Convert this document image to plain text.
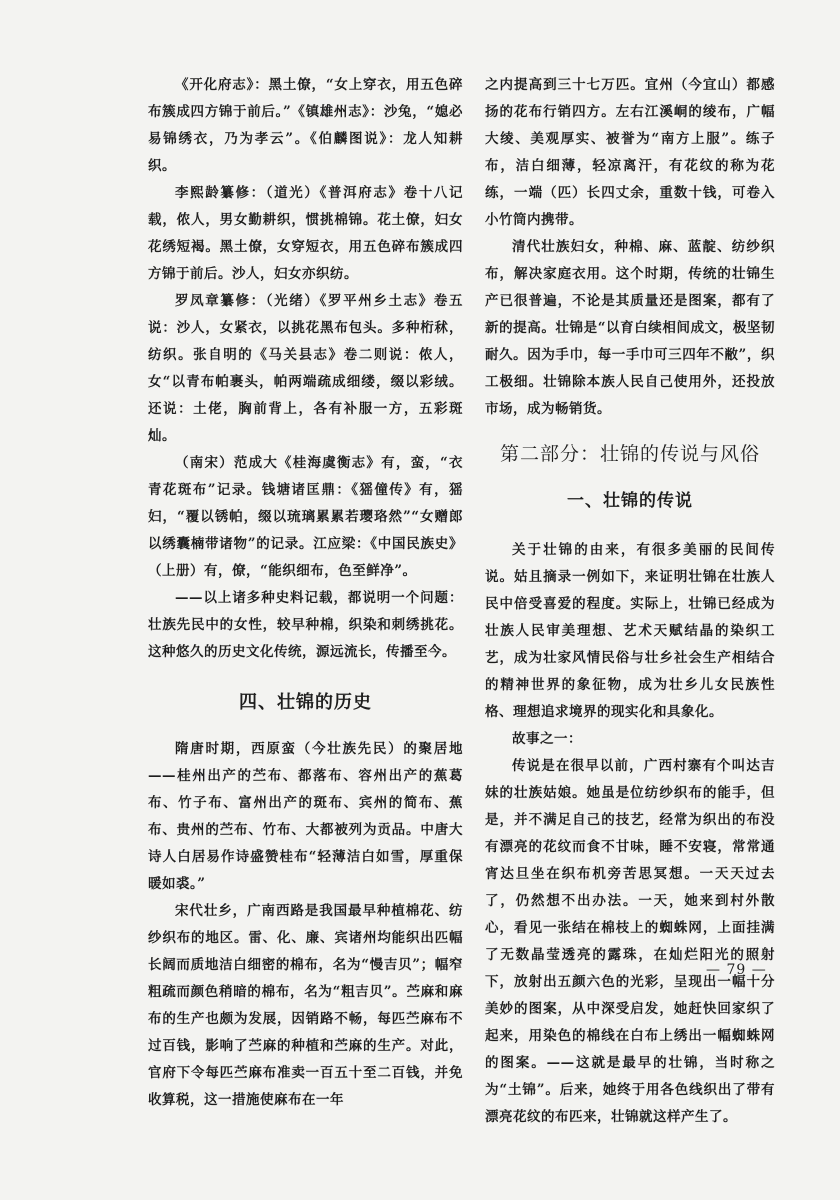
《开化府志》：黑土僚，“女上穿衣，用五色碎布簇成四方锦于前后。”《镇雄州志》：沙兔，“媳必易锦绣衣，乃为孝云”。《伯麟图说》：龙人知耕织。

李熙龄纂修：（道光）《普洱府志》卷十八记载，侬人，男女勤耕织，惯挑棉锦。花土僚，妇女花绣短褐。黑土僚，女穿短衣，用五色碎布簇成四方锦于前后。沙人，妇女亦织纺。

罗凤章纂修：（光绪）《罗平州乡土志》卷五说：沙人，女紧衣，以挑花黑布包头。多种桁秫，纺织。张自明的《马关县志》卷二则说：侬人，女“以青布帕裹头，帕两端疏成细缕，缀以彩绒。还说：土佬，胸前背上，各有补服一方，五彩斑灿。

（南宋）范成大《桂海虞衡志》有，蛮，“衣青花斑布”记录。钱塘诸匡鼎：《猺僮传》有，猺妇，“覆以锈帕，缀以琉璃累累若璎珞然”“女赠郎以绣囊楠带诸物”的记录。江应梁：《中国民族史》（上册）有，僚，“能织细布，色至鲜净”。

——以上诸多种史料记载，都说明一个问题：壮族先民中的女性，较早种棉，织染和刺绣挑花。这种悠久的历史文化传统，源远流长，传播至今。

四、壮锦的历史

隋唐时期，西原蛮（今壮族先民）的聚居地——桂州出产的苎布、都落布、容州出产的蕉葛布、竹子布、富州出产的斑布、宾州的简布、蕉布、贵州的苎布、竹布、大都被列为贡品。中唐大诗人白居易作诗盛赞桂布“轻薄洁白如雪，厚重保暖如裘。”

宋代壮乡，广南西路是我国最早种植棉花、纺纱织布的地区。雷、化、廉、宾诸州均能织出匹幅长阔而质地洁白细密的棉布，名为“慢吉贝”；幅窄粗疏而颜色稍暗的棉布，名为“粗吉贝”。苎麻和麻布的生产也颇为发展，因销路不畅，每匹苎麻布不过百钱，影响了苎麻的种植和苎麻的生产。对此，官府下令每匹苎麻布准卖一百五十至二百钱，并免收算税，这一措施使麻布在一年

之内提高到三十七万匹。宜州（今宜山）都感扬的花布行销四方。左右江溪峒的绫布，广幅大绫、美观厚实、被誉为“南方上服”。练子布，洁白细薄，轻凉离汗，有花纹的称为花练，一端（匹）长四丈余，重数十钱，可卷入小竹筒内携带。

清代壮族妇女，种棉、麻、蓝靛、纺纱织布，解决家庭衣用。这个时期，传统的壮锦生产已很普遍，不论是其质量还是图案，都有了新的提高。壮锦是“以育白续相间成文，极坚韧耐久。因为手巾，每一手巾可三四年不敝”，织工极细。壮锦除本族人民自己使用外，还投放市场，成为畅销货。

第二部分：壮锦的传说与风俗
一、壮锦的传说

关于壮锦的由来，有很多美丽的民间传说。姑且摘录一例如下，来证明壮锦在壮族人民中倍受喜爱的程度。实际上，壮锦已经成为壮族人民审美理想、艺术天赋结晶的染织工艺，成为壮家风情民俗与壮乡社会生产相结合的精神世界的象征物，成为壮乡儿女民族性格、理想追求境界的现实化和具象化。

故事之一：

传说是在很早以前，广西村寨有个叫达吉妹的壮族姑娘。她虽是位纺纱织布的能手，但是，并不满足自己的技艺，经常为织出的布没有漂亮的花纹而食不甘味，睡不安寝，常常通宵达旦坐在织布机旁苦思冥想。一天天过去了，仍然想不出办法。一天，她来到村外散心，看见一张结在棉枝上的蜘蛛网，上面挂满了无数晶莹透亮的露珠，在灿烂阳光的照射下，放射出五颜六色的光彩，呈现出一幅十分美妙的图案，从中深受启发，她赶快回家织了起来，用染色的棉线在白布上绣出一幅蜘蛛网的图案。——这就是最早的壮锦，当时称之为“土锦”。后来，她终于用各色线织出了带有漂亮花纹的布匹来，壮锦就这样产生了。

— 79 —
